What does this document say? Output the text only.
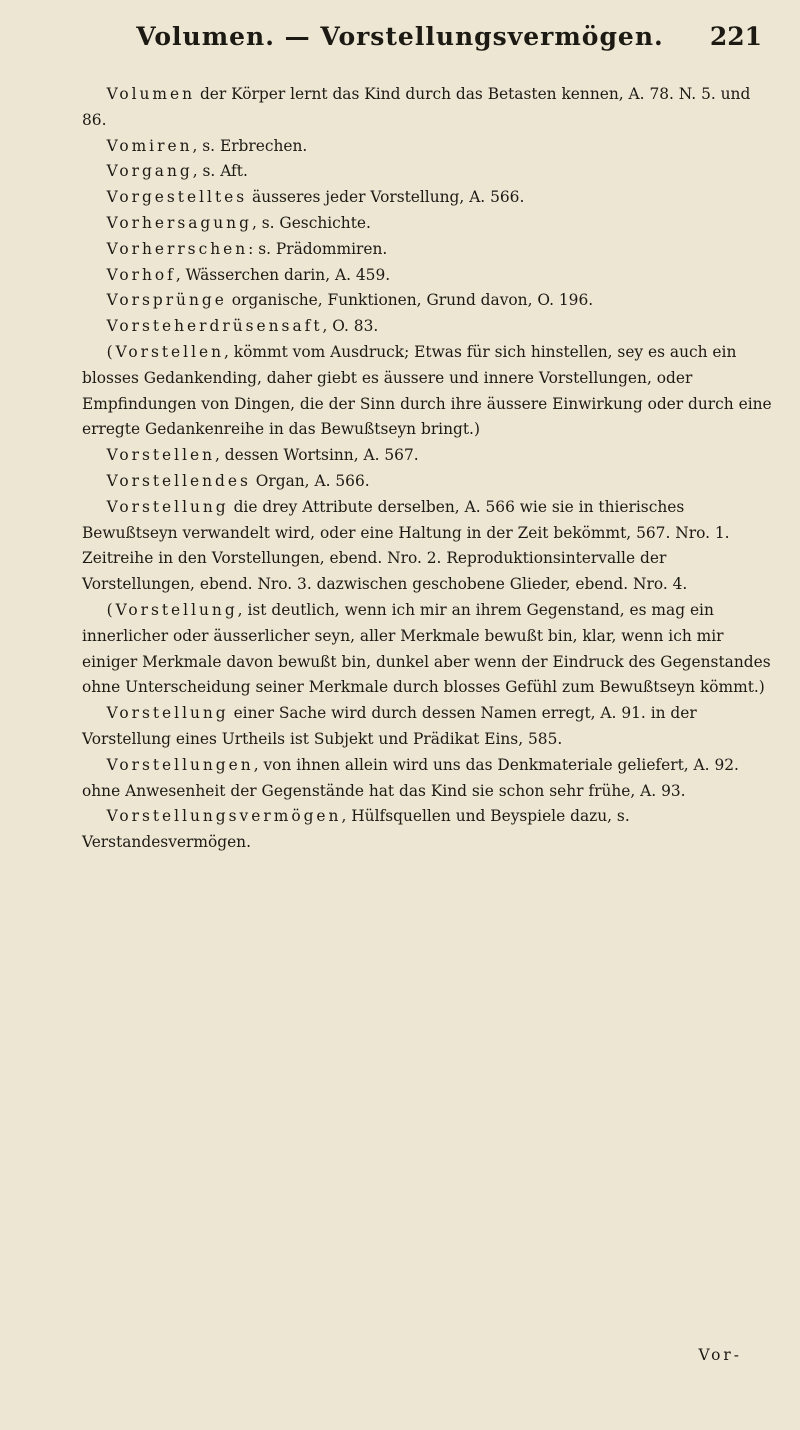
Volumen. — Vorstellungsvermögen.	221

Volumen der Körper lernt das Kind durch das Betasten kennen, A. 78. N. 5. und 86.

Vomiren, s. Erbrechen.

Vorgang, s. Aft.

Vorgestelltes äusseres jeder Vorstellung, A. 566.

Vorhersagung, s. Geschichte.

Vorherrschen: s. Prädommiren.

Vorhof, Wässerchen darin, A. 459.

Vorsprünge organische, Funktionen, Grund davon, O. 196.

Vorsteherdrüsensaft, O. 83.

(Vorstellen, kömmt vom Ausdruck; Etwas für sich hinstellen, sey es auch ein blosses Gedankending, daher giebt es äussere und innere Vorstellungen, oder Empfindungen von Dingen, die der Sinn durch ihre äussere Einwirkung oder durch eine erregte Gedankenreihe in das Bewußtseyn bringt.)

Vorstellen, dessen Wortsinn, A. 567.

Vorstellendes Organ, A. 566.

Vorstellung die drey Attribute derselben, A. 566 wie sie in thierisches Bewußtseyn verwandelt wird, oder eine Haltung in der Zeit bekömmt, 567. Nro. 1. Zeitreihe in den Vorstellungen, ebend. Nro. 2. Reproduktionsintervalle der Vorstellungen, ebend. Nro. 3. dazwischen geschobene Glieder, ebend. Nro. 4.

(Vorstellung, ist deutlich, wenn ich mir an ihrem Gegenstand, es mag ein innerlicher oder äusserlicher seyn, aller Merkmale bewußt bin, klar, wenn ich mir einiger Merkmale davon bewußt bin, dunkel aber wenn der Eindruck des Gegenstandes ohne Unterscheidung seiner Merkmale durch blosses Gefühl zum Bewußtseyn kömmt.)

Vorstellung einer Sache wird durch dessen Namen erregt, A. 91. in der Vorstellung eines Urtheils ist Subjekt und Prädikat Eins, 585.

Vorstellungen, von ihnen allein wird uns das Denkmateriale geliefert, A. 92. ohne Anwesenheit der Gegenstände hat das Kind sie schon sehr frühe, A. 93.

Vorstellungsvermögen, Hülfsquellen und Beyspiele dazu, s. Verstandesvermögen.

Vor-
